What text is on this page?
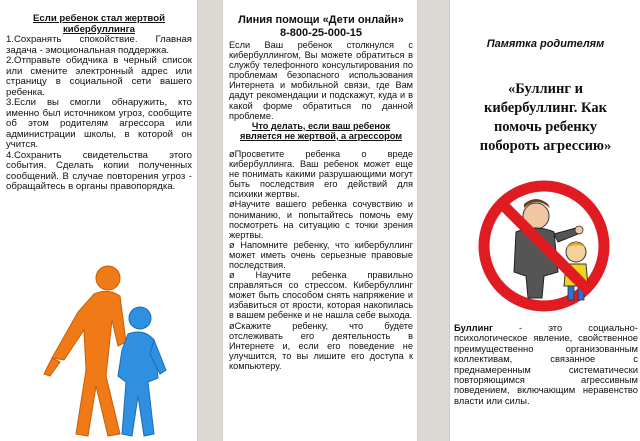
Если ребенок стал жертвой

кибербуллинга

1.Сохранять спокойствие. Главная задача - эмоциональная поддержка.

2.Отправьте обидчика в черный список или смените электронный адрес или страницу в социальной сети вашего ребенка.

3.Если вы смогли обнаружить, кто именно был источником угроз, сообщите об этом родителям агрессора или администрации школы, в которой он учится.

4.Сохранить свидетельства этого события. Сделать копии полученных сообщений. В случае повторения угроз - обращайтесь в органы правопорядка.

Линия помощи «Дети онлайн»

8-800-25-000-15

Если Ваш ребенок столкнулся с кибербуллингом, Вы можете обратиться в службу телефонного консультирования по проблемам безопасного использования Интернета и мобильной связи, где Вам дадут рекомендации и подскажут, куда и в какой форме обратиться по данной проблеме.

Что делать, если ваш ребенок

является не жертвой, а агрессором

øПросветите ребенка о вреде кибербуллинга. Ваш ребенок может еще не понимать какими разрушающими могут быть последствия его действий для психики жертвы.

øНаучите вашего ребенка сочувствию и пониманию, и попытайтесь помочь ему посмотреть на ситуацию с точки зрения жертвы.

ø Напомните ребенку, что кибербуллинг может иметь очень серьезные правовые последствия.

ø Научите ребенка правильно справляться со стрессом. Кибербуллинг может быть способом снять напряжение и избавиться от ярости, которая накопилась в вашем ребенке и не нашла себе выхода.

øСкажите ребенку, что будете отслеживать его деятельность в Интернете и, если его поведение не улучшится, то вы лишите его доступа к компьютеру.

Памятка родителям

«Буллинг и

кибербуллинг. Как

помочь ребенку

побороть агрессию»

Буллинг - это социально-психологическое явление, свойственное преимущественно организованным коллективам, связанное с преднамеренным систематически повторяющимся агрессивным поведением, включающим неравенство власти или силы.
